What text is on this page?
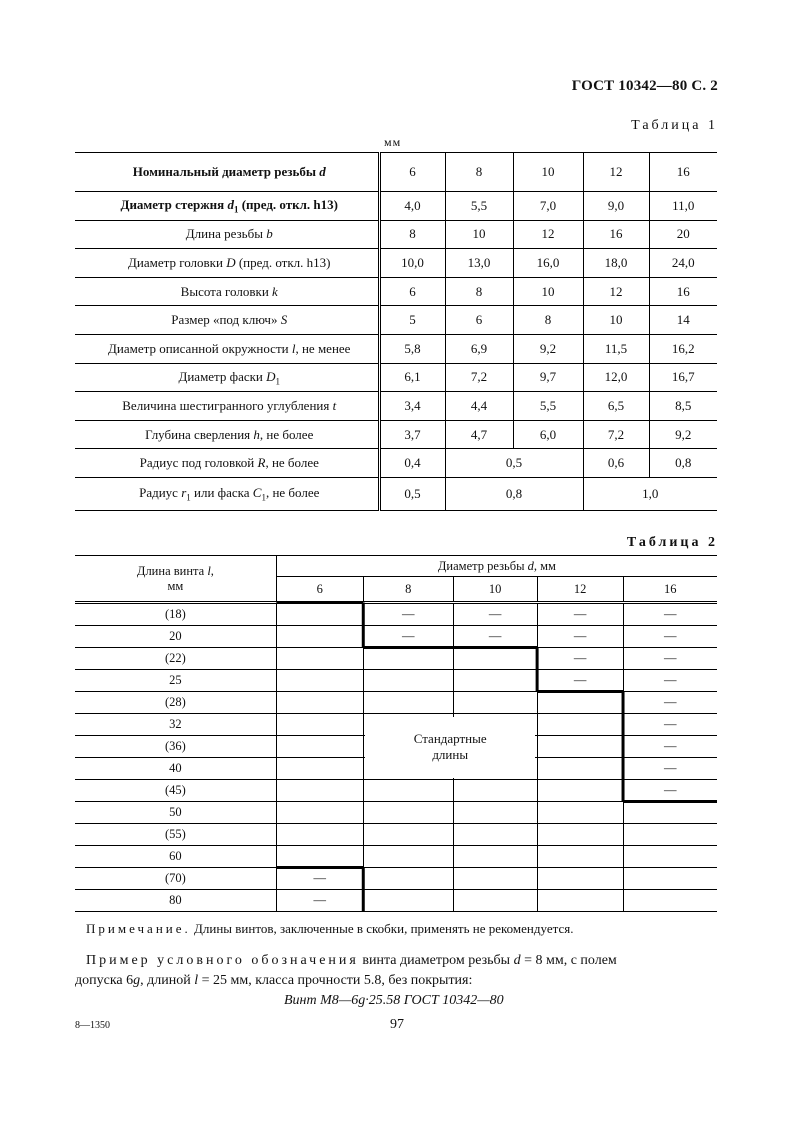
ГОСТ 10342—80 С. 2
Таблица 1
мм
Номинальный диаметр резьбы d	6	8	10	12	16
Диаметр стержня $d_1$ (пред. откл. h13)	4,0	5,5	7,0	9,0	11,0
Длина резьбы b	8	10	12	16	20
Диаметр головки D (пред. откл. h13)	10,0	13,0	16,0	18,0	24,0
Высота головки k	6	8	10	12	16
Размер «под ключ» S	5	6	8	10	14
Диаметр описанной окружности l, не менее	5,8	6,9	9,2	11,5	16,2
Диаметр фаски $D_1$	6,1	7,2	9,7	12,0	16,7
Величина шестигранного углубления t	3,4	4,4	5,5	6,5	8,5
Глубина сверления h, не более	3,7	4,7	6,0	7,2	9,2
Радиус под головкой R, не более	0,4	0,5		0,6	0,8
Радиус $r_1$ или фаска $C_1$, не более	0,5	0,8		1,0	
Таблица 2
Длина винта l,
мм	Диаметр резьбы d, мм				
	6	8	10	12	16
(18)		—	—	—	—
20		—	—	—	—
(22)				—	—
25				—	—
(28)					—
32					—
(36)					—
40					—
(45)					—
50					
(55)					
60					
(70)	—				
80	—				
Стандартные
длины
Примечание. Длины винтов, заключенные в скобки, применять не рекомендуется.
Пример условного обозначения винта диаметром резьбы d = 8 мм, с полем
допуска 6g, длиной l = 25 мм, класса прочности 5.8, без покрытия:
Винт М8—6g·25.58 ГОСТ 10342—80
8—1350	97
